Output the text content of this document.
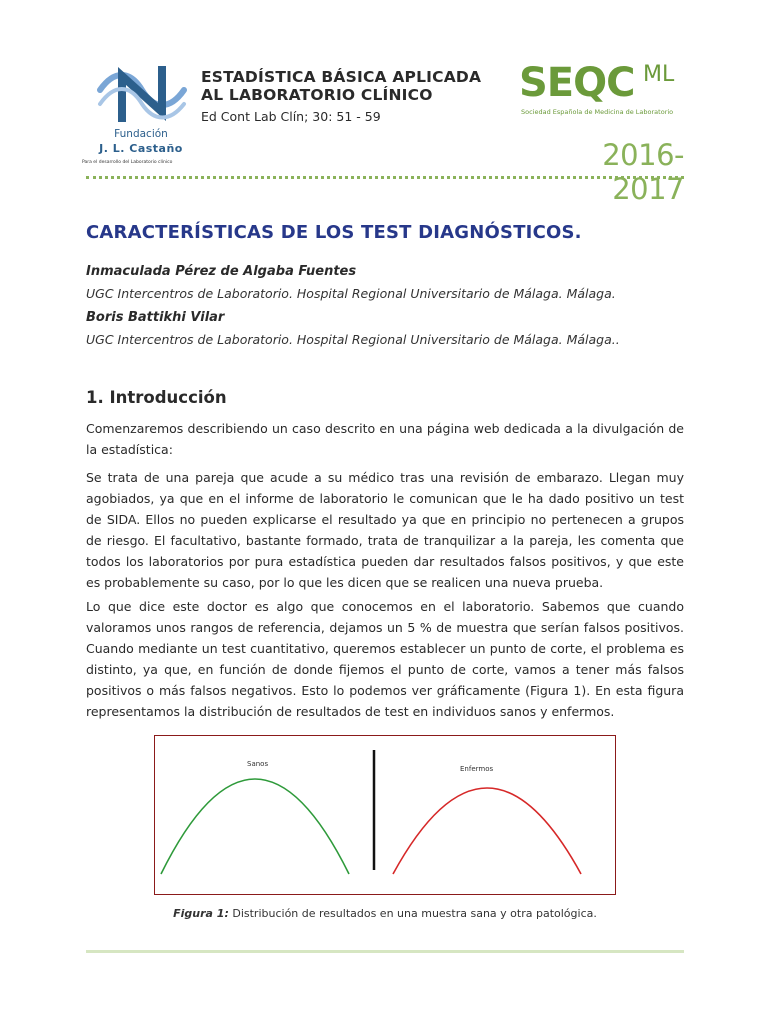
Fundación
J. L. Castaño
Para el desarrollo del Laboratorio clínico
ESTADÍSTICA BÁSICA APLICADA
AL LABORATORIO CLÍNICO
Ed Cont Lab Clín; 30: 51 - 59
SEQC ML
Sociedad Española de Medicina de Laboratorio
2016-2017
CARACTERÍSTICAS DE LOS TEST DIAGNÓSTICOS.
Inmaculada Pérez de Algaba Fuentes
UGC Intercentros de Laboratorio. Hospital Regional Universitario de Málaga. Málaga.
Boris Battikhi Vilar
UGC Intercentros de Laboratorio. Hospital Regional Universitario de Málaga. Málaga..
1. Introducción
Comenzaremos describiendo un caso descrito en una página web dedicada a la divulgación de la estadística:
Se trata de una pareja que acude a su médico tras una revisión de embarazo. Llegan muy agobiados, ya que en el informe de laboratorio le comunican que le ha dado positivo un test de SIDA. Ellos no pueden explicarse el resultado ya que en principio no pertenecen a grupos de riesgo. El facultativo, bastante formado, trata de tranquilizar a la pareja, les comenta que todos los laboratorios por pura estadística pueden dar resultados falsos positivos, y que este es probablemente su caso, por lo que les dicen que se realicen una nueva prueba.
Lo que dice este doctor es algo que conocemos en el laboratorio. Sabemos que cuando valoramos unos rangos de referencia, dejamos un 5 % de muestra que serían falsos positivos. Cuando mediante un test cuantitativo, queremos establecer un punto de corte, el problema es distinto, ya que, en función de donde fijemos el punto de corte, vamos a tener más falsos positivos o más falsos negativos. Esto lo podemos ver gráficamente (Figura 1). En esta figura representamos la distribución de resultados de test en individuos sanos y enfermos.
Sanos
Enfermos
Figura 1: Distribución de resultados en una muestra sana y otra patológica.
